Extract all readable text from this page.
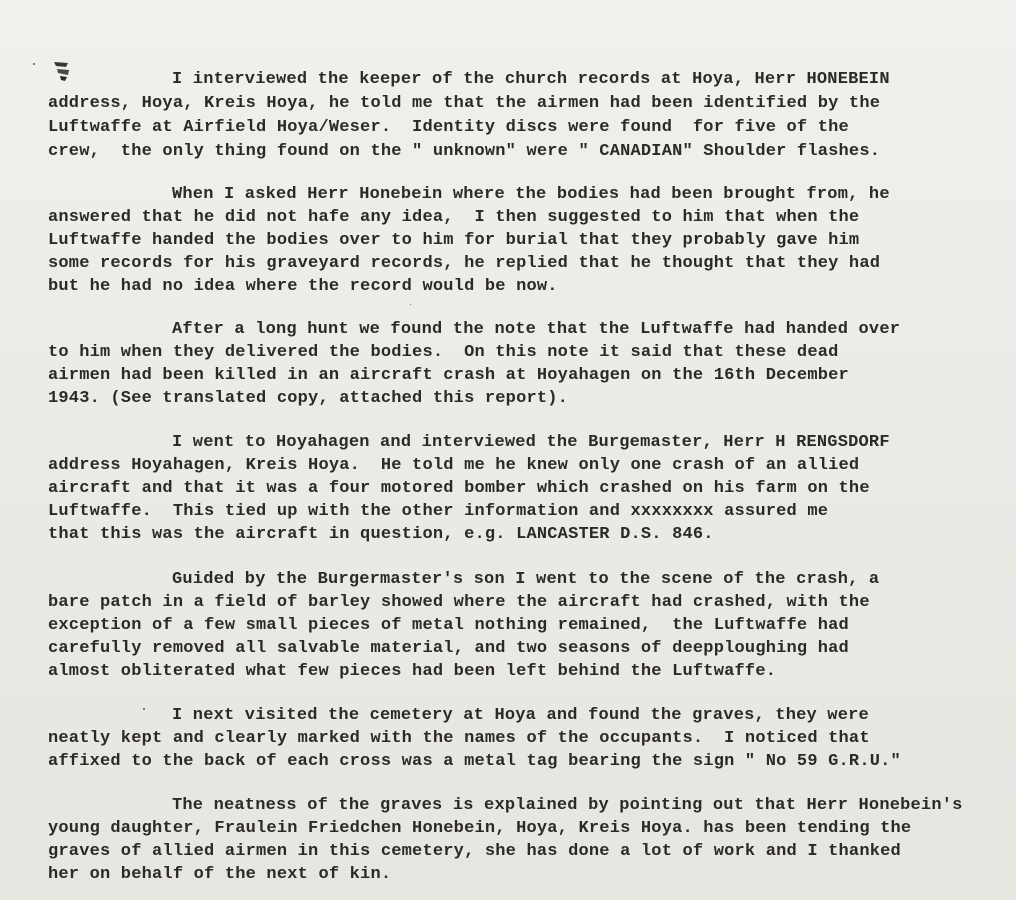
I interviewed the keeper of the church records at Hoya, Herr HONEBEIN
address, Hoya, Kreis Hoya, he told me that the airmen had been identified by the
Luftwaffe at Airfield Hoya/Weser.  Identity discs were found  for five of the
crew,  the only thing found on the " unknown" were " CANADIAN" Shoulder flashes.
When I asked Herr Honebein where the bodies had been brought from, he
answered that he did not hafe any idea,  I then suggested to him that when the
Luftwaffe handed the bodies over to him for burial that they probably gave him
some records for his graveyard records, he replied that he thought that they had
but he had no idea where the record would be now.
After a long hunt we found the note that the Luftwaffe had handed over
to him when they delivered the bodies.  On this note it said that these dead
airmen had been killed in an aircraft crash at Hoyahagen on the 16th December
1943. (See translated copy, attached this report).
I went to Hoyahagen and interviewed the Burgemaster, Herr H RENGSDORF
address Hoyahagen, Kreis Hoya.  He told me he knew only one crash of an allied
aircraft and that it was a four motored bomber which crashed on his farm on the
Luftwaffe.  This tied up with the other information and xxxxxxxx assured me
that this was the aircraft in question, e.g. LANCASTER D.S. 846.
Guided by the Burgermaster's son I went to the scene of the crash, a
bare patch in a field of barley showed where the aircraft had crashed, with the
exception of a few small pieces of metal nothing remained,  the Luftwaffe had
carefully removed all salvable material, and two seasons of deepploughing had
almost obliterated what few pieces had been left behind the Luftwaffe.
I next visited the cemetery at Hoya and found the graves, they were
neatly kept and clearly marked with the names of the occupants.  I noticed that
affixed to the back of each cross was a metal tag bearing the sign " No 59 G.R.U."
The neatness of the graves is explained by pointing out that Herr Honebein's
young daughter, Fraulein Friedchen Honebein, Hoya, Kreis Hoya. has been tending the
graves of allied airmen in this cemetery, she has done a lot of work and I thanked
her on behalf of the next of kin.
